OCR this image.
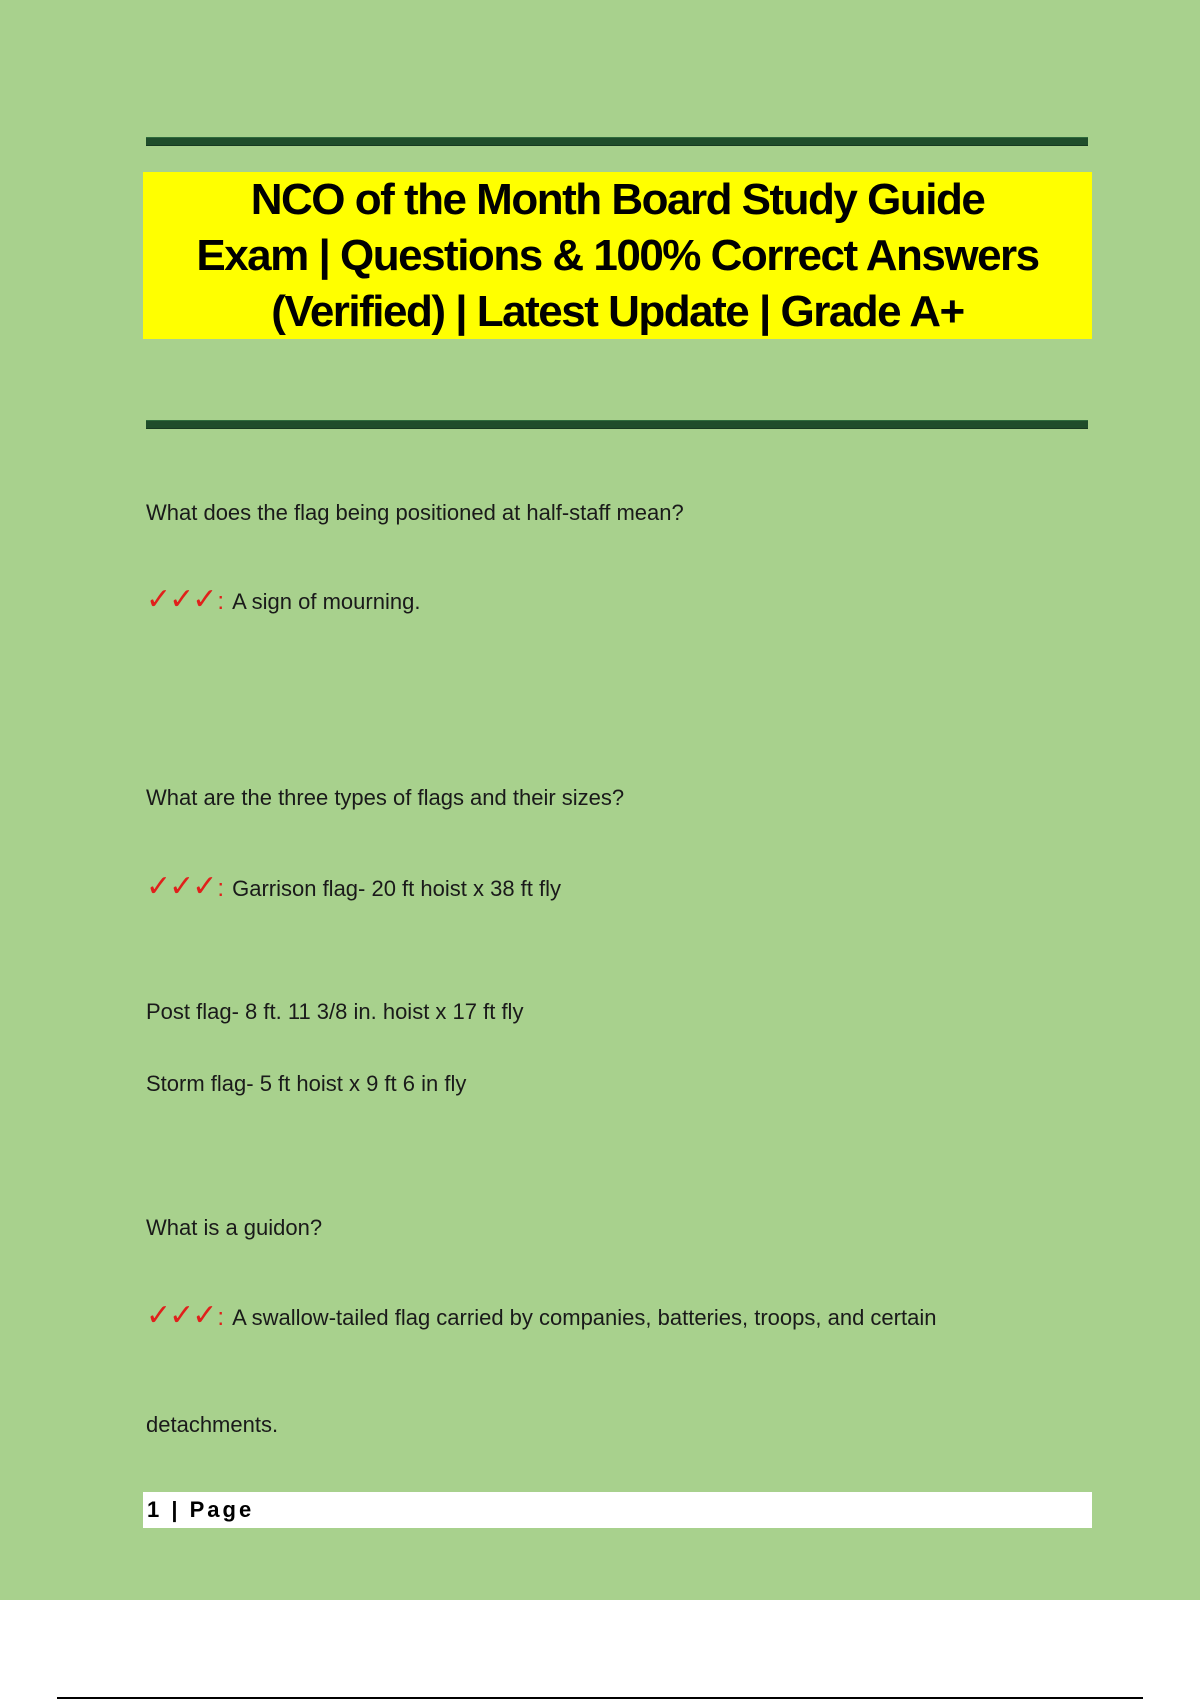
NCO of the Month Board Study Guide
Exam | Questions & 100% Correct Answers
(Verified) | Latest Update | Grade A+
What does the flag being positioned at half-staff mean?
✓✓✓ : A sign of mourning.
What are the three types of flags and their sizes?
✓✓✓ : Garrison flag- 20 ft hoist x 38 ft fly
Post flag- 8 ft. 11 3/8 in. hoist x 17 ft fly
Storm flag- 5 ft hoist x 9 ft 6 in fly
What is a guidon?
✓✓✓ : A swallow-tailed flag carried by companies, batteries, troops, and certain
detachments.
1 | Page
